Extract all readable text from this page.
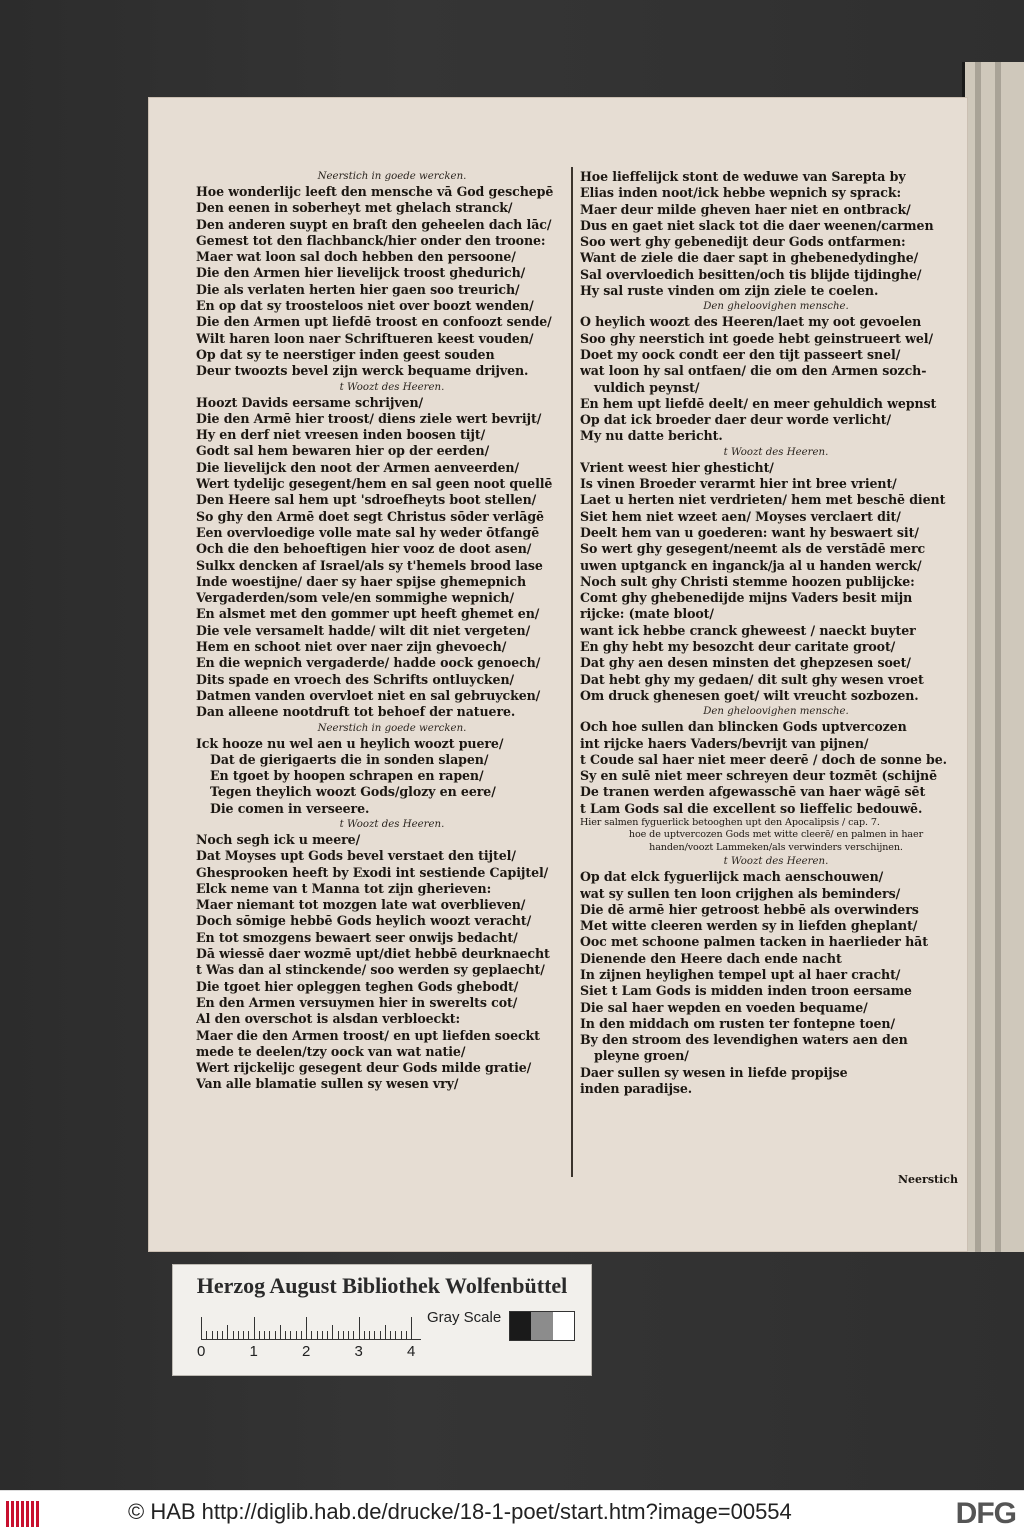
Neerstich in goede wercken.
Hoe wonderlijc leeft den mensche vā God geschepē
Den eenen in soberheyt met ghelach stranck/
Den anderen suypt en braſt den geheelen dach lāc/
Gemest tot den flachbanck/hier onder den troone:
Maer wat loon sal doch hebben den persoone/
Die den Armen hier lievelijck troost ghedurich/
Die als verlaten herten hier gaen soo treurich/
En op dat sy troosteloos niet over boozt wenden/
Die den Armen upt liefdē troost en confoozt sende/
Wilt haren loon naer Schriftueren keest vouden/
Op dat sy te neerstiger inden geest souden
Deur twoozts bevel zijn werck bequame drijven.
t Woozt des Heeren.
Hoozt Davids eersame schrijven/
Die den Armē hier troost/ diens ziele wert bevrijt/
Hy en derf niet vreesen inden boosen tijt/
Godt sal hem bewaren hier op der eerden/
Die lievelijck den noot der Armen aenveerden/
Wert tydelijc gesegent/hem en sal geen noot quellē
Den Heere sal hem upt 'sdroefheyts boot stellen/
So ghy den Armē doet segt Christus sōder verlāgē
Een overvloedige volle mate sal hy weder ōtfangē
Och die den behoeftigen hier vooz de doot asen/
Sulkx dencken af Israel/als sy t'hemels brood lase
Inde woestijne/ daer sy haer spijse ghemepnich
Vergaderden/som vele/en sommighe wepnich/
En alsmet met den gommer upt heeft ghemet en/
Die vele versamelt hadde/ wilt dit niet vergeten/
Hem en schoot niet over naer zijn ghevoech/
En die wepnich vergaderde/ hadde oock genoech/
Dits spade en vroech des Schrifts ontluycken/
Datmen vanden overvloet niet en sal gebruycken/
Dan alleene nootdruft tot behoef der natuere.
Neerstich in goede wercken.
Ick hooze nu wel aen u heylich woozt puere/
Dat de gierigaerts die in sonden slapen/
En tgoet by hoopen schrapen en rapen/
Tegen theylich woozt Gods/glozy en eere/
Die comen in verseere.
t Woozt des Heeren.
Noch segh ick u meere/
Dat Moyses upt Gods bevel verstaet den tijtel/
Ghesprooken heeft by Exodi int sestiende Capijtel/
Elck neme van t Manna tot zijn gherieven:
Maer niemant tot mozgen late wat overblieven/
Doch sōmige hebbē Gods heylich woozt veracht/
En tot smozgens bewaert seer onwijs bedacht/
Dā wiessē daer wozmē upt/diet hebbē deurknaecht
t Was dan al stinckende/ soo werden sy geplaecht/
Die tgoet hier opleggen teghen Gods ghebodt/
En den Armen versuymen hier in swerelts cot/
Al den overschot is alsdan verbloeckt:
Maer die den Armen troost/ en upt liefden soeckt
mede te deelen/tzy oock van wat natie/
Wert rijckelijc gesegent deur Gods milde gratie/
Van alle blamatie sullen sy wesen vry/
Hoe lieffelijck stont de weduwe van Sarepta by
Elias inden noot/ick hebbe wepnich sy sprack:
Maer deur milde gheven haer niet en ontbrack/
Dus en gaet niet slack tot die daer weenen/carmen
Soo wert ghy gebenedijt deur Gods ontfarmen:
Want de ziele die daer sapt in ghebenedydinghe/
Sal overvloedich besitten/och tis blijde tijdinghe/
Hy sal ruste vinden om zijn ziele te coelen.
Den gheloovighen mensche.
O heylich woozt des Heeren/laet my oot gevoelen
Soo ghy neerstich int goede hebt geinstrueert wel/
Doet my oock condt eer den tijt passeert snel/
wat loon hy sal ontfaen/ die om den Armen sozch-
vuldich peynst/
En hem upt liefdē deelt/ en meer gehuldich wepnst
Op dat ick broeder daer deur worde verlicht/
My nu datte bericht.
t Woozt des Heeren.
Vrient weest hier ghesticht/
Is vinen Broeder verarmt hier int bree vrient/
Laet u herten niet verdrieten/ hem met beschē dient
Siet hem niet wzeet aen/ Moyses verclaert dit/
Deelt hem van u goederen: want hy beswaert sit/
So wert ghy gesegent/neemt als de verstādē merc
uwen uptganck en inganck/ja al u handen werck/
Noch sult ghy Christi stemme hoozen publijcke:
Comt ghy ghebenedijde mijns Vaders besit mijn
rijcke: (mate bloot/
want ick hebbe cranck gheweest / naeckt buyter
En ghy hebt my besozcht deur caritate groot/
Dat ghy aen desen minsten det ghepzesen soet/
Dat hebt ghy my gedaen/ dit sult ghy wesen vroet
Om druck ghenesen goet/ wilt vreucht sozbozen.
Den gheloovighen mensche.
Och hoe sullen dan blincken Gods uptvercozen
int rijcke haers Vaders/bevrijt van pijnen/
t Coude sal haer niet meer deerē / doch de sonne be.
Sy en sulē niet meer schreyen deur tozmēt (schijnē
De tranen werden afgewasschē van haer wāgē sēt
t Lam Gods sal die excellent so lieffelic bedouwē.
Hier salmen fyguerlick betooghen upt den Apocalipsis / cap. 7.
hoe de uptvercozen Gods met witte cleerē/ en palmen in haer
handen/voozt Lammeken/als verwinders verschijnen.
t Woozt des Heeren.
Op dat elck fyguerlijck mach aenschouwen/
wat sy sullen ten loon crijghen als beminders/
Die dē armē hier getroost hebbē als overwinders
Met witte cleeren werden sy in liefden gheplant/
Ooc met schoone palmen tacken in haerlieder hāt
Dienende den Heere dach ende nacht
In zijnen heylighen tempel upt al haer cracht/
Siet t Lam Gods is midden inden troon eersame
Die sal haer wepden en voeden bequame/
In den middach om rusten ter fontepne toen/
By den stroom des levendighen waters aen den
pleyne groen/
Daer sullen sy wesen in liefde propijse
inden paradijse.
Neerstich
Herzog August Bibliothek Wolfenbüttel
0	1	2	3	4
Gray Scale
© HAB http://diglib.hab.de/drucke/18-1-poet/start.htm?image=00554	DFG
